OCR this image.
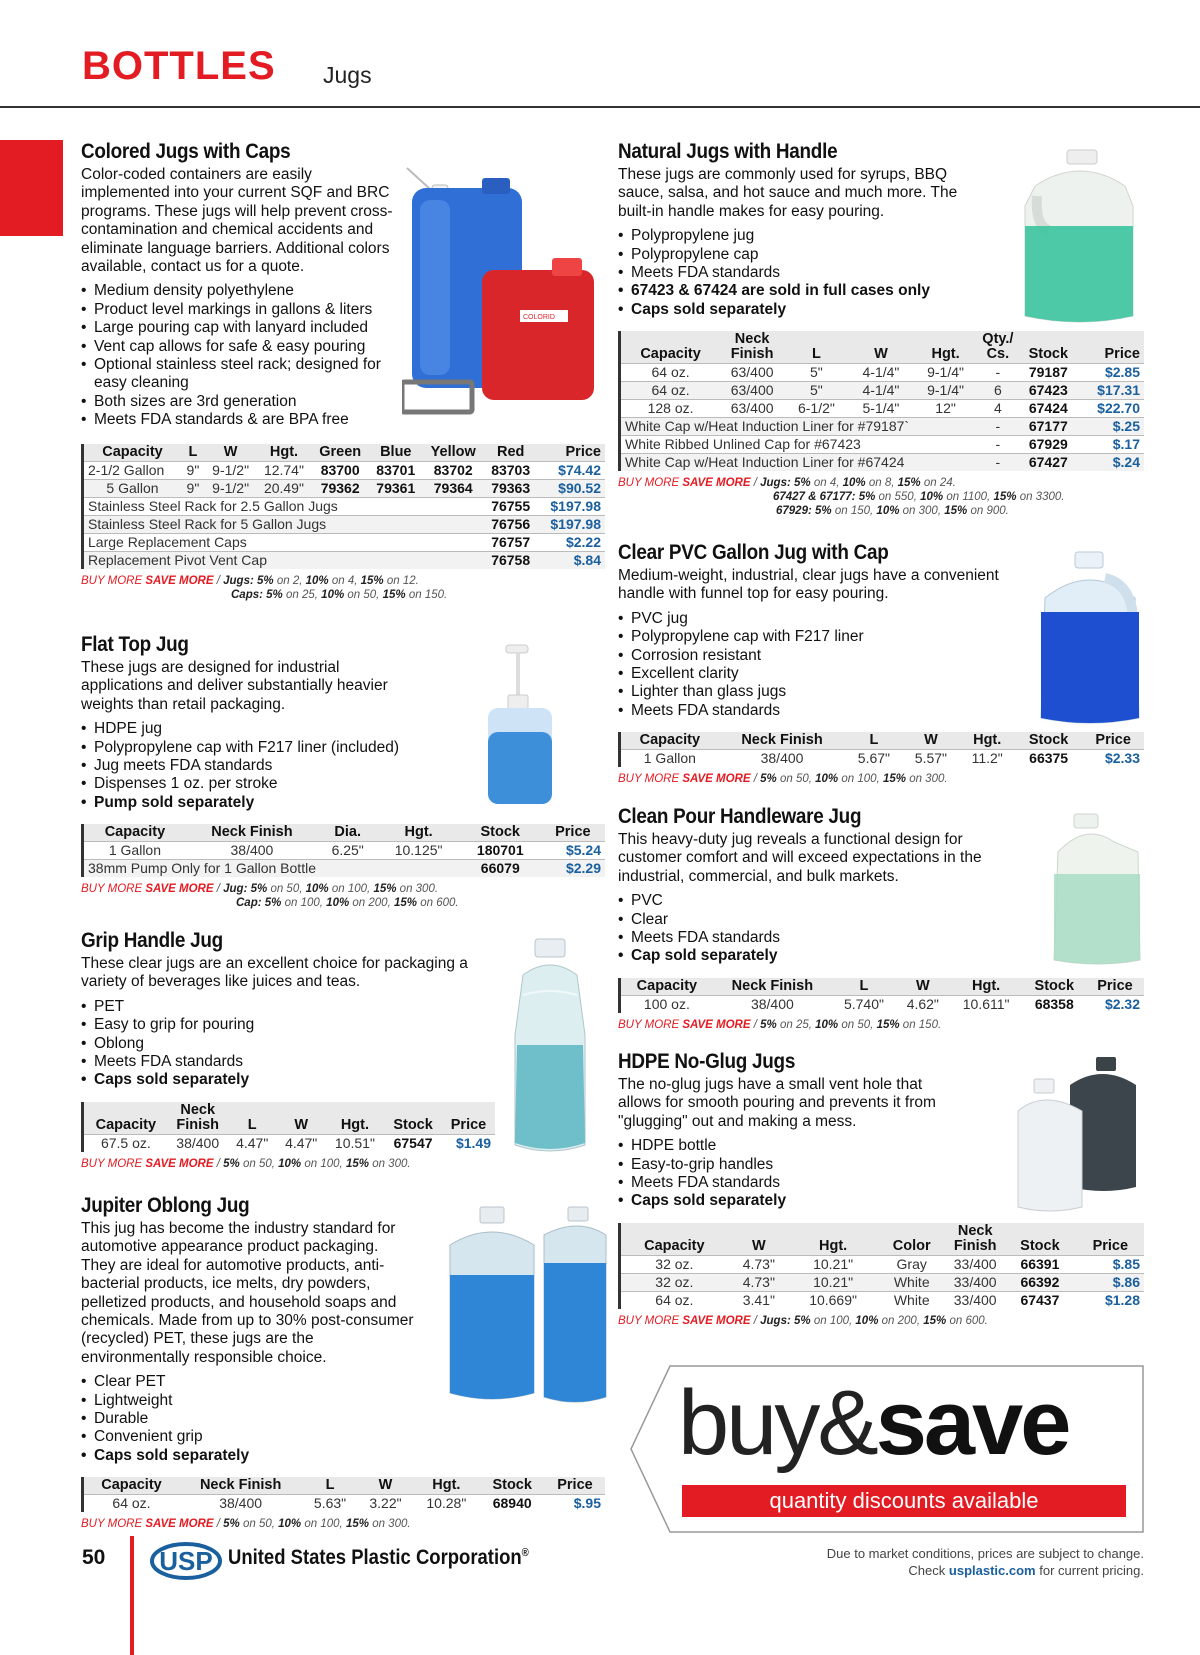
BOTTLES Jugs
Colored Jugs with Caps

Color-coded containers are easily implemented into your current SQF and BRC programs. These jugs will help prevent cross-contamination and chemical accidents and eliminate language barriers. Additional colors available, contact us for a quote.

• Medium density polyethylene
• Product level markings in gallons & liters
• Large pouring cap with lanyard included
• Vent cap allows for safe & easy pouring
• Optional stainless steel rack; designed for easy cleaning
• Both sizes are 3rd generation
• Meets FDA standards & are BPA free
Capacity	L	W	Hgt.	Green	Blue	Yellow	Red	Price
2-1/2 Gallon	9"	9-1/2"	12.74"	83700	83701	83702	83703	$74.42
5 Gallon	9"	9-1/2"	20.49"	79362	79361	79364	79363	$90.52
Stainless Steel Rack for 2.5 Gallon Jugs							76755	$197.98
Stainless Steel Rack for 5 Gallon Jugs							76756	$197.98
Large Replacement Caps							76757	$2.22
Replacement Pivot Vent Cap							76758	$.84
BUY MORE SAVE MORE / Jugs: 5% on 2, 10% on 4, 15% on 12.
Caps: 5% on 25, 10% on 50, 15% on 150.
COLORID
Flat Top Jug

These jugs are designed for industrial applications and deliver substantially heavier weights than retail packaging.

• HDPE jug
• Polypropylene cap with F217 liner (included)
• Jug meets FDA standards
• Dispenses 1 oz. per stroke
• Pump sold separately
Capacity	Neck Finish	Dia.	Hgt.	Stock	Price
1 Gallon	38/400	6.25"	10.125"	180701	$5.24
38mm Pump Only for 1 Gallon Bottle				66079	$2.29
BUY MORE SAVE MORE / Jug: 5% on 50, 10% on 100, 15% on 300.
Cap: 5% on 100, 10% on 200, 15% on 600.
Grip Handle Jug

These clear jugs are an excellent choice for packaging a variety of beverages like juices and teas.

• PET
• Easy to grip for pouring
• Oblong
• Meets FDA standards
• Caps sold separately
Capacity	Neck Finish	L	W	Hgt.	Stock	Price
67.5 oz.	38/400	4.47"	4.47"	10.51"	67547	$1.49
BUY MORE SAVE MORE / 5% on 50, 10% on 100, 15% on 300.
Jupiter Oblong Jug

This jug has become the industry standard for automotive appearance product packaging. They are ideal for automotive products, anti-bacterial products, ice melts, dry powders, pelletized products, and household soaps and chemicals. Made from up to 30% post-consumer (recycled) PET, these jugs are the environmentally responsible choice.

• Clear PET
• Lightweight
• Durable
• Convenient grip
• Caps sold separately
Capacity	Neck Finish	L	W	Hgt.	Stock	Price
64 oz.	38/400	5.63"	3.22"	10.28"	68940	$.95
BUY MORE SAVE MORE / 5% on 50, 10% on 100, 15% on 300.
Natural Jugs with Handle

These jugs are commonly used for syrups, BBQ sauce, salsa, and hot sauce and much more. The built-in handle makes for easy pouring.

• Polypropylene jug
• Polypropylene cap
• Meets FDA standards
• 67423 & 67424 are sold in full cases only
• Caps sold separately
Capacity	Neck Finish	L	W	Hgt.	Qty./ Cs.	Stock	Price
64 oz.	63/400	5"	4-1/4"	9-1/4"	-	79187	$2.85
64 oz.	63/400	5"	4-1/4"	9-1/4"	6	67423	$17.31
128 oz.	63/400	6-1/2"	5-1/4"	12"	4	67424	$22.70
White Cap w/Heat Induction Liner for #79187`					-	67177	$.25
White Ribbed Unlined Cap for #67423					-	67929	$.17
White Cap w/Heat Induction Liner for #67424					-	67427	$.24
BUY MORE SAVE MORE / Jugs: 5% on 4, 10% on 8, 15% on 24.
67427 & 67177: 5% on 550, 10% on 1100, 15% on 3300.
67929: 5% on 150, 10% on 300, 15% on 900.
Clear PVC Gallon Jug with Cap

Medium-weight, industrial, clear jugs have a convenient handle with funnel top for easy pouring.

• PVC jug
• Polypropylene cap with F217 liner
• Corrosion resistant
• Excellent clarity
• Lighter than glass jugs
• Meets FDA standards
Capacity	Neck Finish	L	W	Hgt.	Stock	Price
1 Gallon	38/400	5.67"	5.57"	11.2"	66375	$2.33
BUY MORE SAVE MORE / 5% on 50, 10% on 100, 15% on 300.
Clean Pour Handleware Jug

This heavy-duty jug reveals a functional design for customer comfort and will exceed expectations in the industrial, commercial, and bulk markets.

• PVC
• Clear
• Meets FDA standards
• Cap sold separately
Capacity	Neck Finish	L	W	Hgt.	Stock	Price
100 oz.	38/400	5.740"	4.62"	10.611"	68358	$2.32
BUY MORE SAVE MORE / 5% on 25, 10% on 50, 15% on 150.
HDPE No-Glug Jugs

The no-glug jugs have a small vent hole that allows for smooth pouring and prevents it from "glugging" out and making a mess.

• HDPE bottle
• Easy-to-grip handles
• Meets FDA standards
• Caps sold separately
Capacity	W	Hgt.	Color	Neck Finish	Stock	Price
32 oz.	4.73"	10.21"	Gray	33/400	66391	$.85
32 oz.	4.73"	10.21"	White	33/400	66392	$.86
64 oz.	3.41"	10.669"	White	33/400	67437	$1.28
BUY MORE SAVE MORE / Jugs: 5% on 100, 10% on 200, 15% on 600.
buy&save
quantity discounts available
50 USP United States Plastic Corporation®	Due to market conditions, prices are subject to change.
Check usplastic.com for current pricing.
